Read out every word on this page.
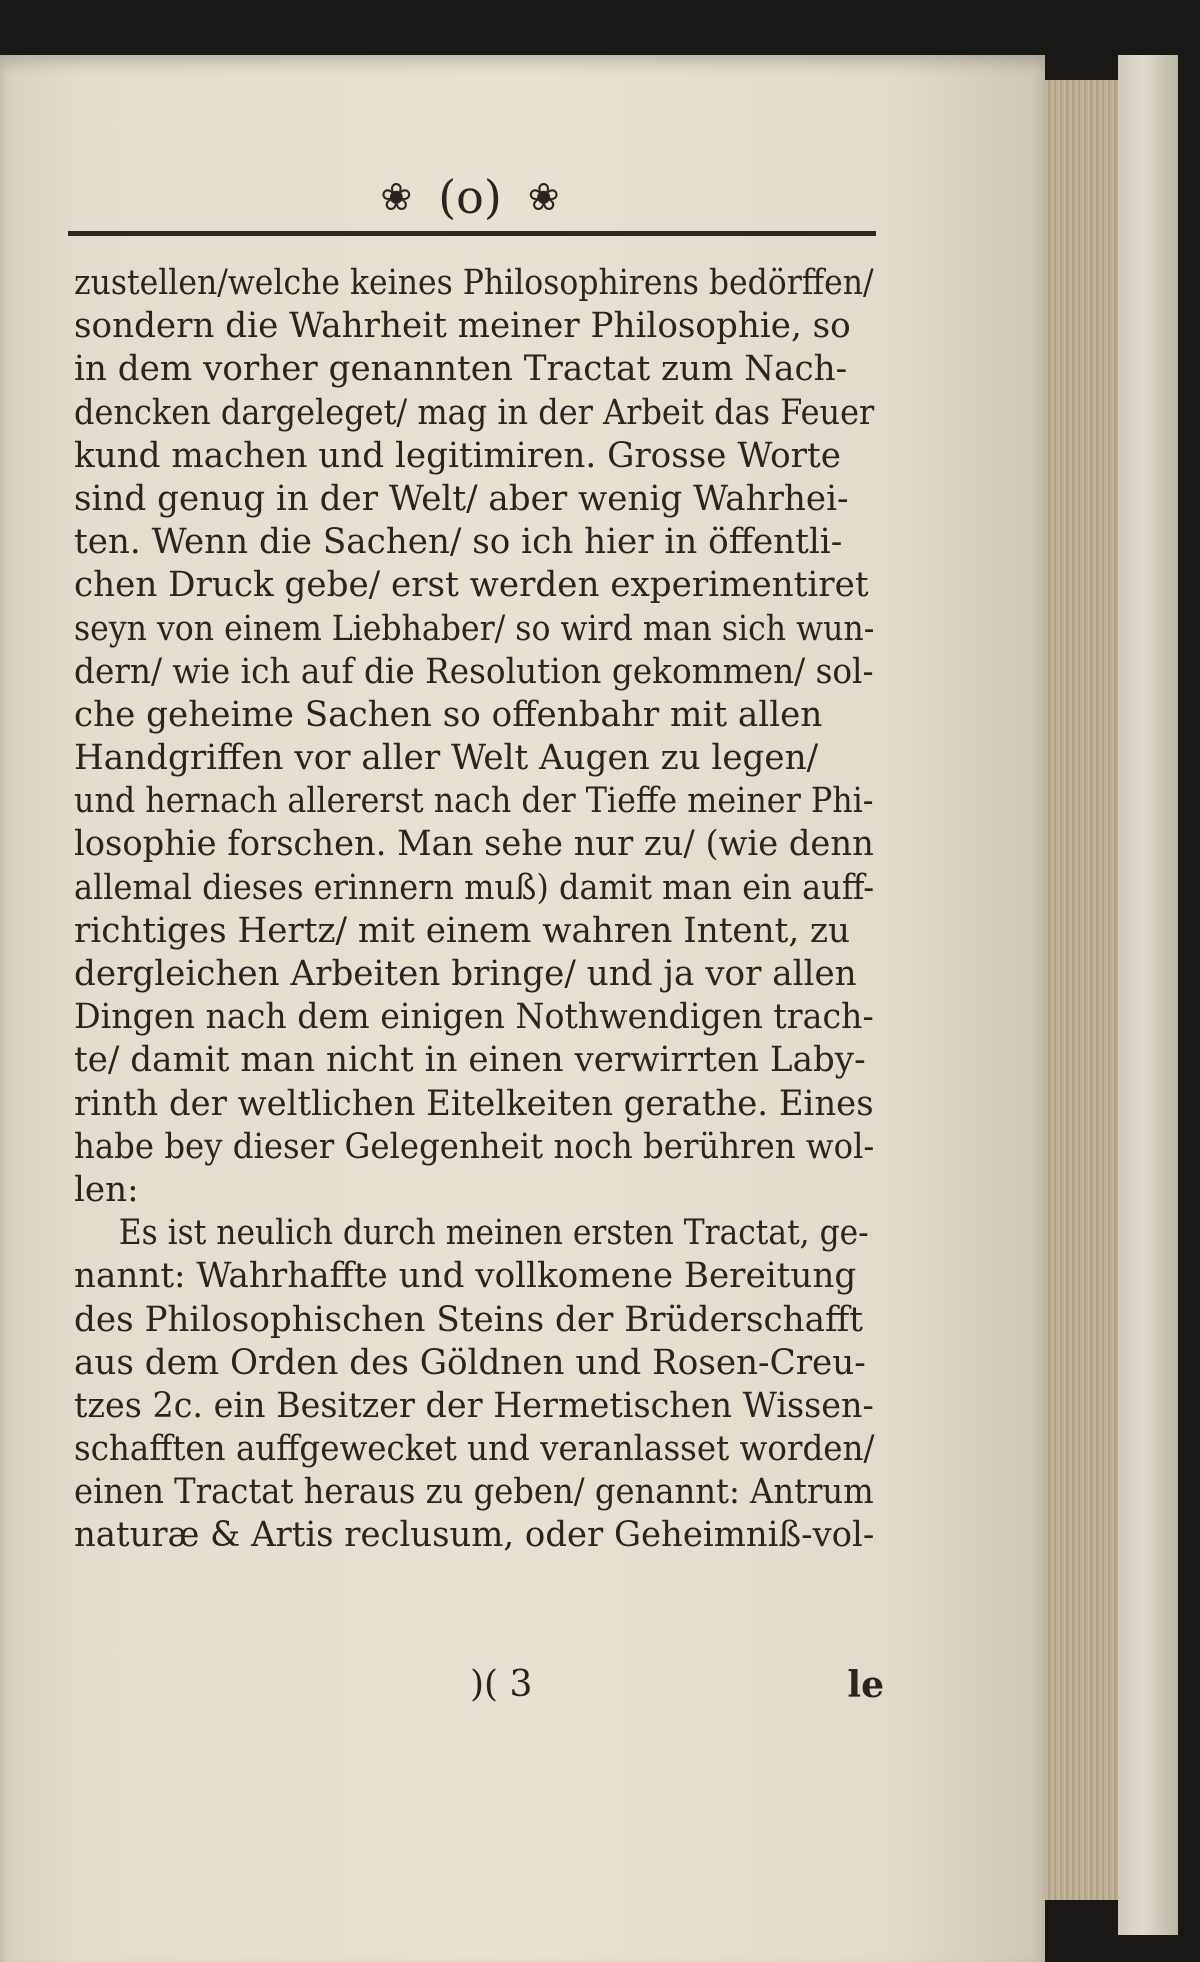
❀ (o) ❀
zustellen/welche keines Philosophirens bedörffen/
sondern die Wahrheit meiner Philosophie, so
in dem vorher genannten Tractat zum Nach-
dencken dargeleget/ mag in der Arbeit das Feuer
kund machen und legitimiren. Grosse Worte
sind genug in der Welt/ aber wenig Wahrhei-
ten. Wenn die Sachen/ so ich hier in öffentli-
chen Druck gebe/ erst werden experimentiret
seyn von einem Liebhaber/ so wird man sich wun-
dern/ wie ich auf die Resolution gekommen/ sol-
che geheime Sachen so offenbahr mit allen
Handgriffen vor aller Welt Augen zu legen/
und hernach allererst nach der Tieffe meiner Phi-
losophie forschen. Man sehe nur zu/ (wie denn
allemal dieses erinnern muß) damit man ein auff-
richtiges Hertz/ mit einem wahren Intent, zu
dergleichen Arbeiten bringe/ und ja vor allen
Dingen nach dem einigen Nothwendigen trach-
te/ damit man nicht in einen verwirrten Laby-
rinth der weltlichen Eitelkeiten gerathe. Eines
habe bey dieser Gelegenheit noch berühren wol-
len:
Es ist neulich durch meinen ersten Tractat, ge-
nannt: Wahrhaffte und vollkomene Bereitung
des Philosophischen Steins der Brüderschafft
aus dem Orden des Göldnen und Rosen-Creu-
tzes 2c. ein Besitzer der Hermetischen Wissen-
schafften auffgewecket und veranlasset worden/
einen Tractat heraus zu geben/ genannt: Antrum
naturæ & Artis reclusum, oder Geheimniß-vol-
)( 3	le
